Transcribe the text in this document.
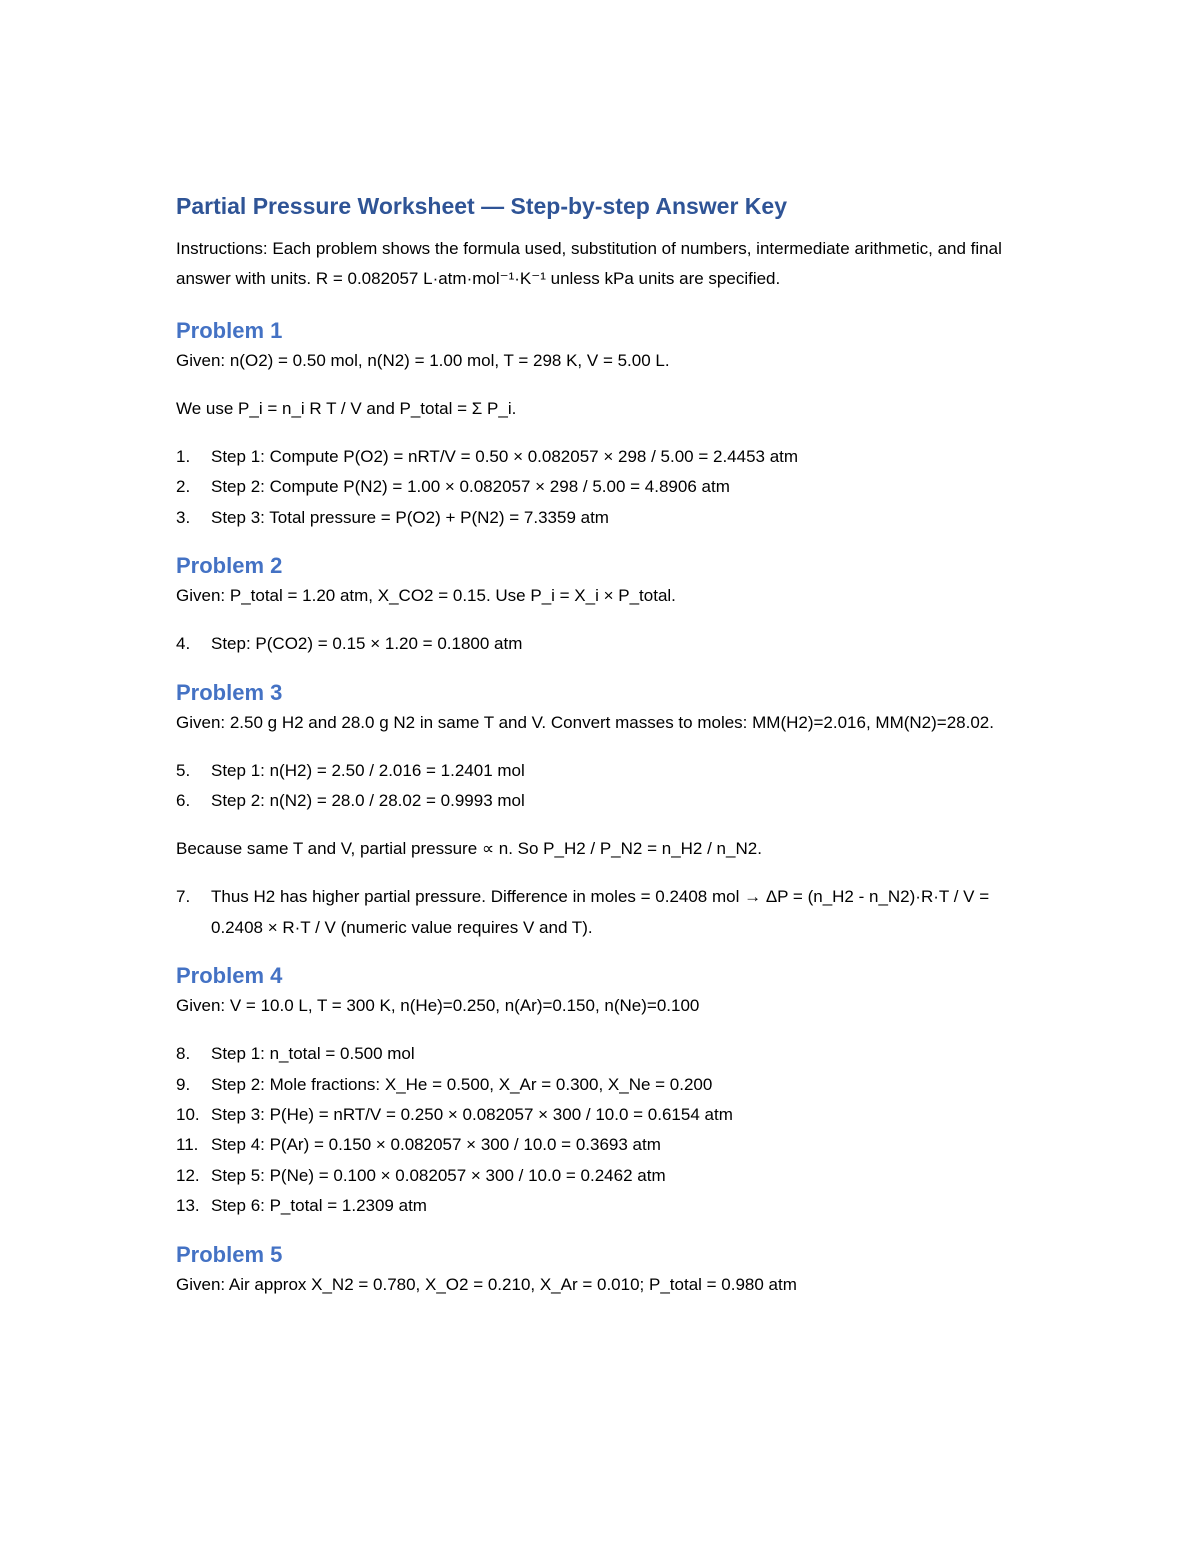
Partial Pressure Worksheet — Step-by-step Answer Key

Instructions: Each problem shows the formula used, substitution of numbers, intermediate arithmetic, and final answer with units. R = 0.082057 L·atm·mol⁻¹·K⁻¹ unless kPa units are specified.

Problem 1

Given: n(O2) = 0.50 mol, n(N2) = 1.00 mol, T = 298 K, V = 5.00 L.

We use P_i = n_i R T / V and P_total = Σ P_i.

1. Step 1: Compute P(O2) = nRT/V = 0.50 × 0.082057 × 298 / 5.00 = 2.4453 atm
2. Step 2: Compute P(N2) = 1.00 × 0.082057 × 298 / 5.00 = 4.8906 atm
3. Step 3: Total pressure = P(O2) + P(N2) = 7.3359 atm
Problem 2

Given: P_total = 1.20 atm, X_CO2 = 0.15. Use P_i = X_i × P_total.

4. Step: P(CO2) = 0.15 × 1.20 = 0.1800 atm
Problem 3

Given: 2.50 g H2 and 28.0 g N2 in same T and V. Convert masses to moles: MM(H2)=2.016, MM(N2)=28.02.

5. Step 1: n(H2) = 2.50 / 2.016 = 1.2401 mol
6. Step 2: n(N2) = 28.0 / 28.02 = 0.9993 mol

Because same T and V, partial pressure ∝ n. So P_H2 / P_N2 = n_H2 / n_N2.

7. Thus H2 has higher partial pressure. Difference in moles = 0.2408 mol → ΔP = (n_H2 - n_N2)·R·T / V = 0.2408 × R·T / V (numeric value requires V and T).
Problem 4

Given: V = 10.0 L, T = 300 K, n(He)=0.250, n(Ar)=0.150, n(Ne)=0.100

8. Step 1: n_total = 0.500 mol
9. Step 2: Mole fractions: X_He = 0.500, X_Ar = 0.300, X_Ne = 0.200
10. Step 3: P(He) = nRT/V = 0.250 × 0.082057 × 300 / 10.0 = 0.6154 atm
11. Step 4: P(Ar) = 0.150 × 0.082057 × 300 / 10.0 = 0.3693 atm
12. Step 5: P(Ne) = 0.100 × 0.082057 × 300 / 10.0 = 0.2462 atm
13. Step 6: P_total = 1.2309 atm
Problem 5

Given: Air approx X_N2 = 0.780, X_O2 = 0.210, X_Ar = 0.010; P_total = 0.980 atm
